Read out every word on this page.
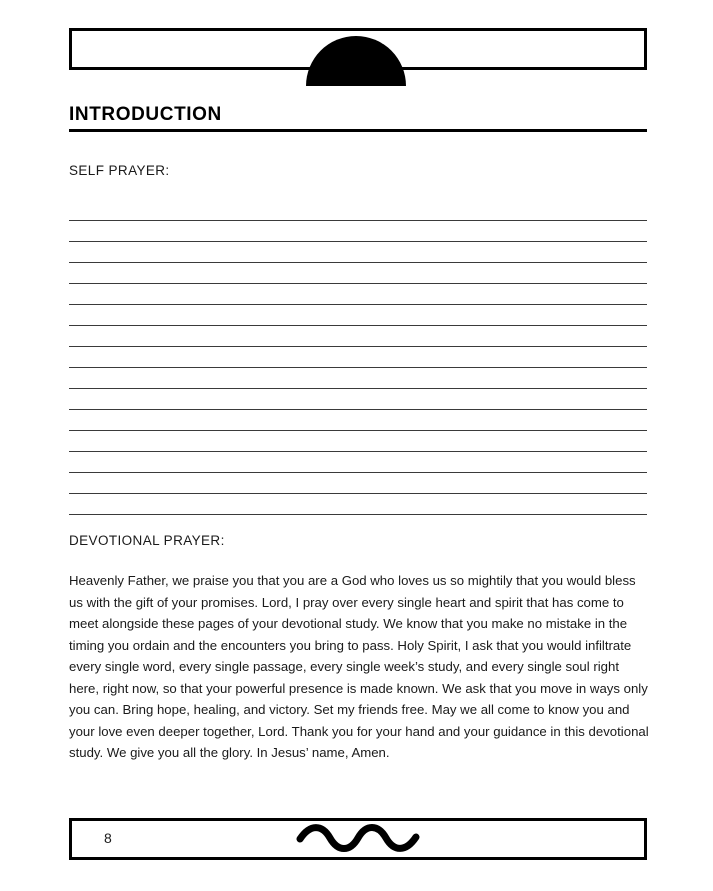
INTRODUCTION
SELF PRAYER:
DEVOTIONAL PRAYER:
Heavenly Father, we praise you that you are a God who loves us so mightily that you would bless us with the gift of your promises. Lord, I pray over every single heart and spirit that has come to meet alongside these pages of your devotional study. We know that you make no mistake in the timing you ordain and the encounters you bring to pass. Holy Spirit, I ask that you would infiltrate every single word, every single passage, every single week’s study, and every single soul right here, right now, so that your powerful presence is made known. We ask that you move in ways only you can. Bring hope, healing, and victory. Set my friends free. May we all come to know you and your love even deeper together, Lord. Thank you for your hand and your guidance in this devotional study. We give you all the glory. In Jesus’ name, Amen.
8
